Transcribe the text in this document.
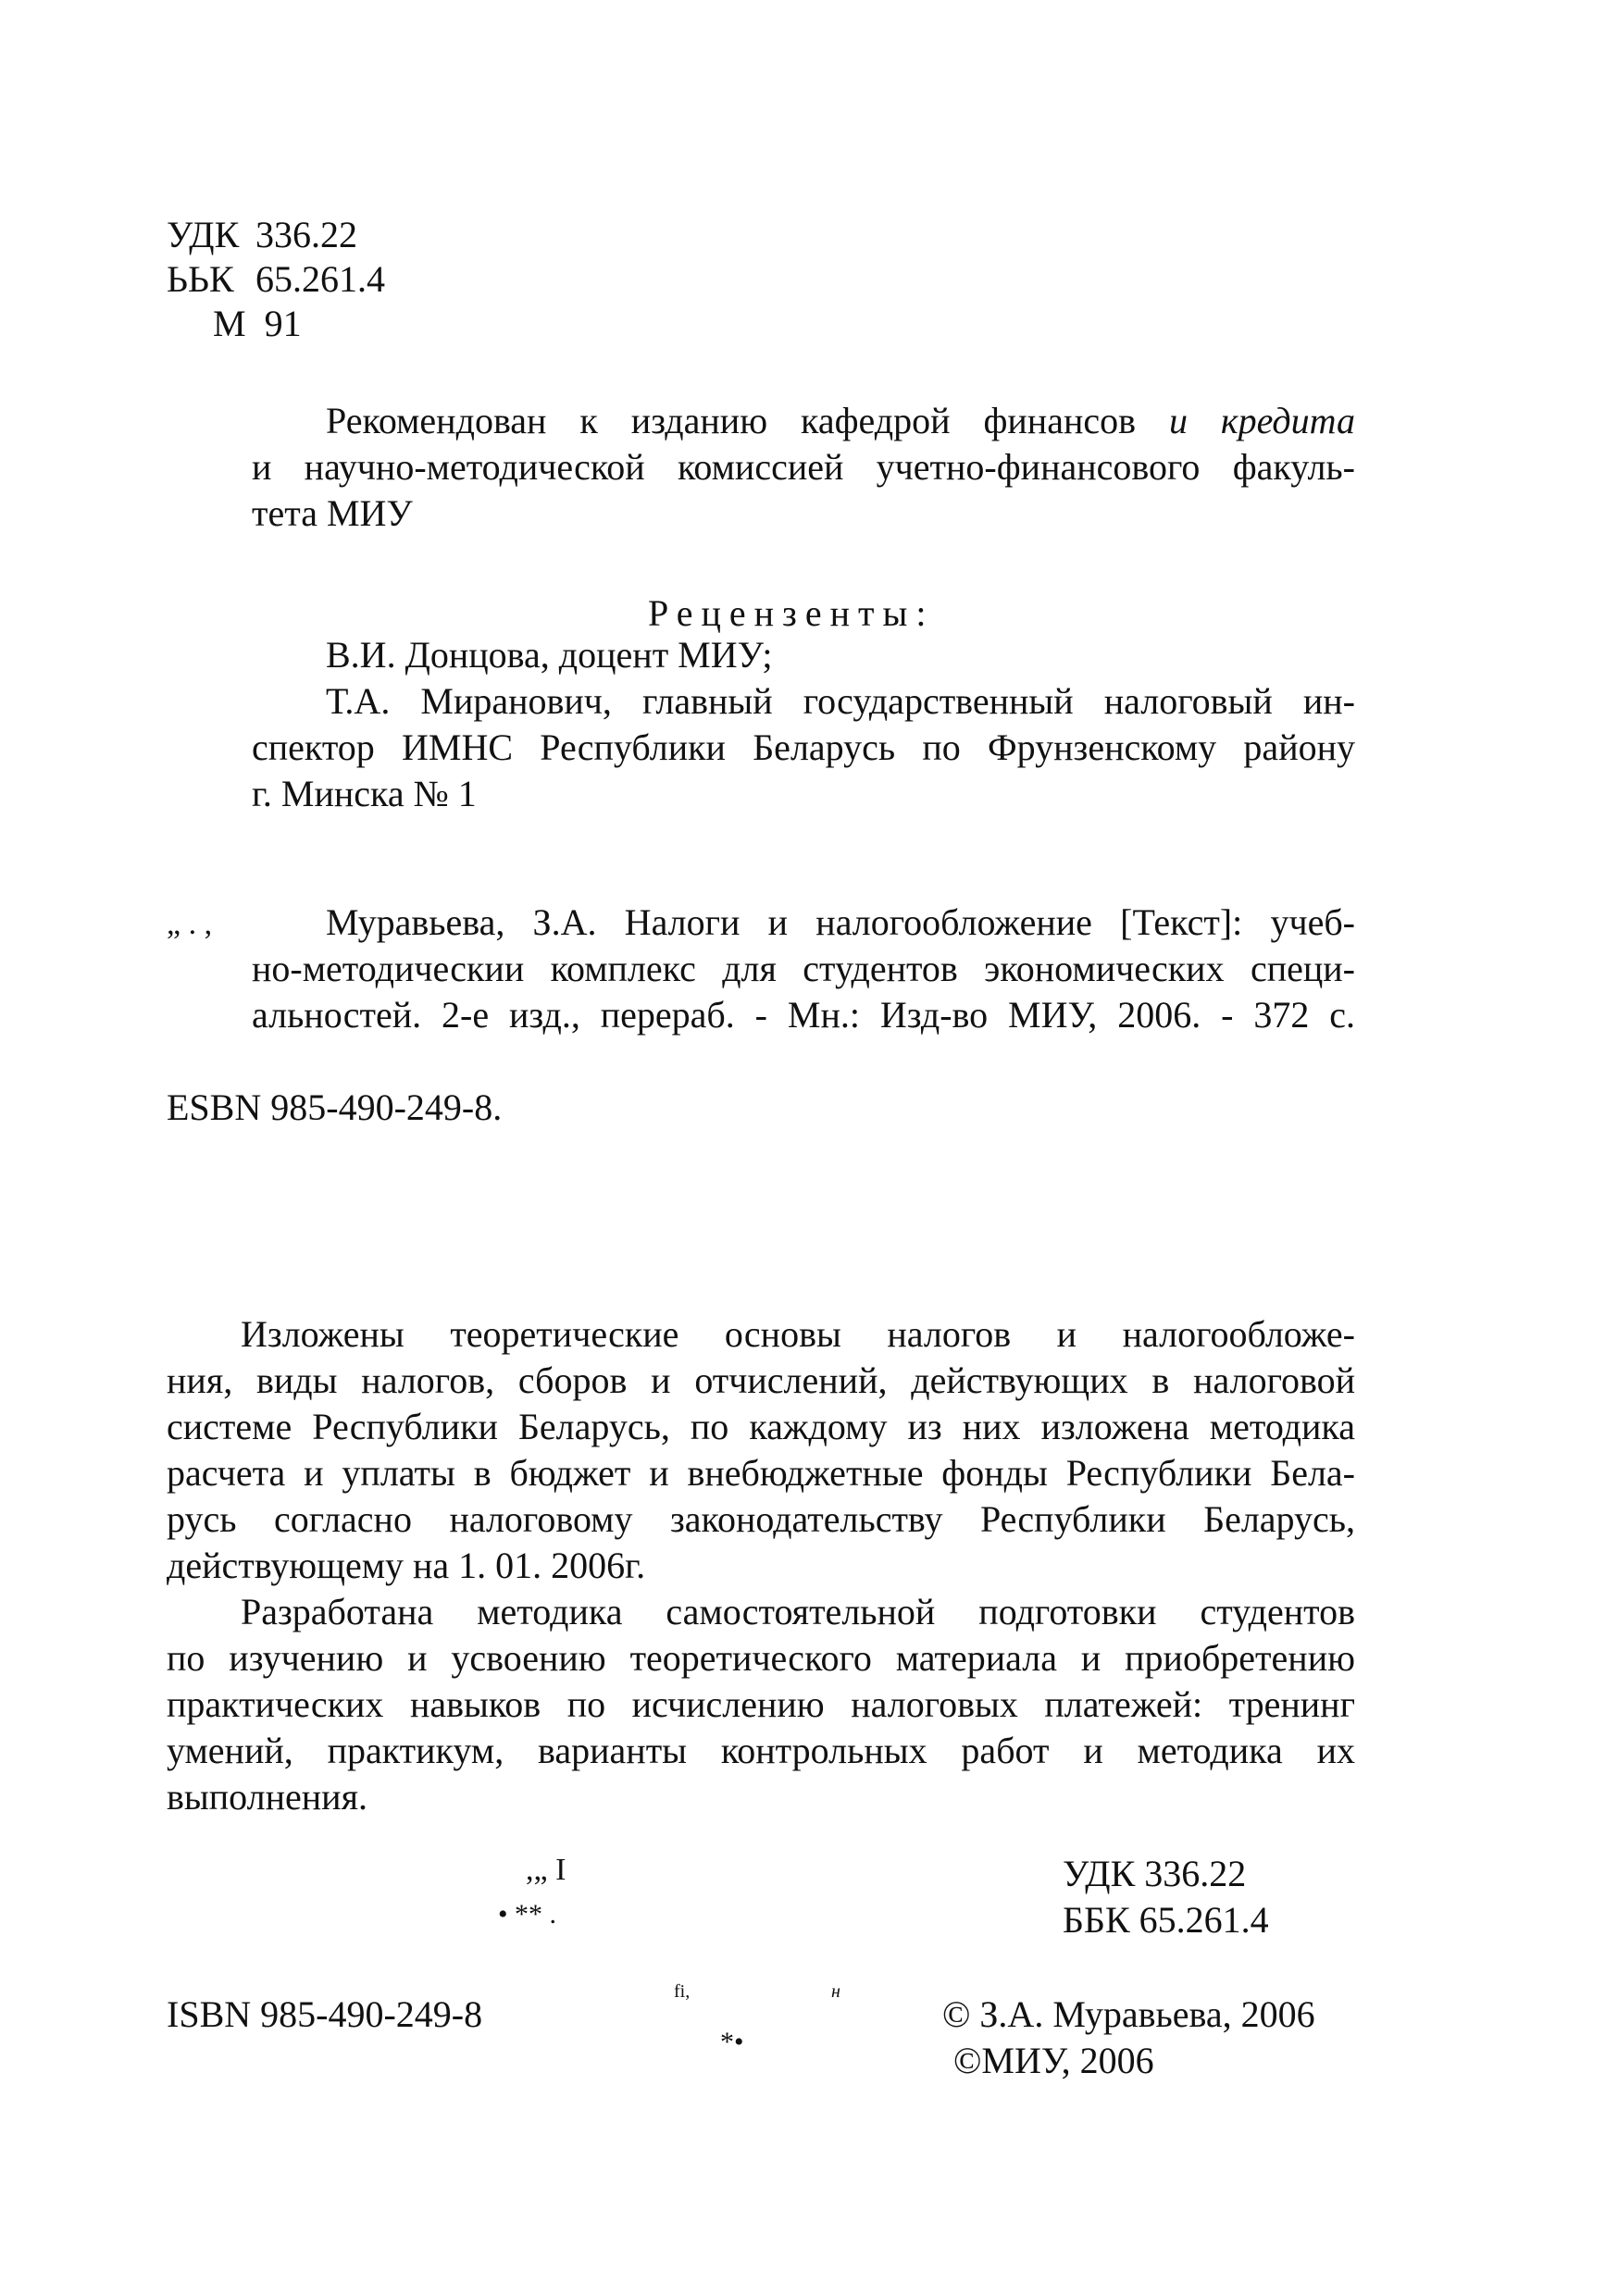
УДК 336.22
ЬЬК 65.261.4
М 91
Рекомендован к изданию кафедрой финансов и кредита
и научно-методической комиссией учетно-финансового факуль-
тета МИУ
Рецензенты:
В.И. Донцова, доцент МИУ;
Т.А. Миранович, главный государственный налоговый ин-
спектор ИМНС Республики Беларусь по Фрунзенскому району
г. Минска № 1
„ . ,	Муравьева, З.А. Налоги и налогообложение [Текст]: учеб-
но-методическии комплекс для студентов экономических специ-
альностей. 2-е изд., перераб. - Мн.: Изд-во МИУ, 2006. - 372 с.
ESBN 985-490-249-8.
Изложены теоретические основы налогов и налогообложе-
ния, виды налогов, сборов и отчислений, действующих в налоговой
системе Республики Беларусь, по каждому из них изложена методика
расчета и уплаты в бюджет и внебюджетные фонды Республики Бела-
русь согласно налоговому законодательству Республики Беларусь,
действующему на 1. 01. 2006г.
Разработана методика самостоятельной подготовки студентов
по изучению и усвоению теоретического материала и приобретению
практических навыков по исчислению налоговых платежей: тренинг
умений, практикум, варианты контрольных работ и методика их
выполнения.
,„ I
• ** .
fi,	н
*•
УДК 336.22
ББК 65.261.4
ISBN 985-490-249-8	© З.А. Муравьева, 2006
©МИУ, 2006
